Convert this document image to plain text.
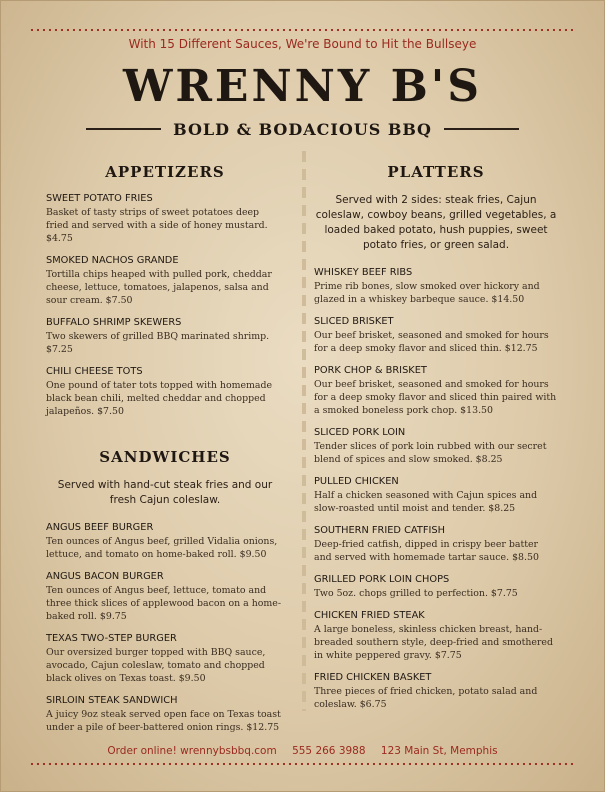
With 15 Different Sauces, We're Bound to Hit the Bullseye
WRENNY B'S
BOLD & BODACIOUS BBQ
APPETIZERS
SWEET POTATO FRIES
Basket of tasty strips of sweet potatoes deep fried and served with a side of honey mustard. $4.75
SMOKED NACHOS GRANDE
Tortilla chips heaped with pulled pork, cheddar cheese, lettuce, tomatoes, jalapenos, salsa and sour cream. $7.50
BUFFALO SHRIMP SKEWERS
Two skewers of grilled BBQ marinated shrimp. $7.25
CHILI CHEESE TOTS
One pound of tater tots topped with homemade black bean chili, melted cheddar and chopped jalapeños. $7.50
SANDWICHES
Served with hand-cut steak fries and our fresh Cajun coleslaw.
ANGUS BEEF BURGER
Ten ounces of Angus beef, grilled Vidalia onions, lettuce, and tomato on home-baked roll. $9.50
ANGUS BACON BURGER
Ten ounces of Angus beef, lettuce, tomato and three thick slices of applewood bacon on a home-baked roll. $9.75
TEXAS TWO-STEP BURGER
Our oversized burger topped with BBQ sauce, avocado, Cajun coleslaw, tomato and chopped black olives on Texas toast. $9.50
SIRLOIN STEAK SANDWICH
A juicy 9oz steak served open face on Texas toast under a pile of beer-battered onion rings. $12.75
PLATTERS
Served with 2 sides: steak fries, Cajun coleslaw, cowboy beans, grilled vegetables, a loaded baked potato, hush puppies, sweet potato fries, or green salad.
WHISKEY BEEF RIBS
Prime rib bones, slow smoked over hickory and glazed in a whiskey barbeque sauce. $14.50
SLICED BRISKET
Our beef brisket, seasoned and smoked for hours for a deep smoky flavor and sliced thin. $12.75
PORK CHOP & BRISKET
Our beef brisket, seasoned and smoked for hours for a deep smoky flavor and sliced thin paired with a smoked boneless pork chop. $13.50
SLICED PORK LOIN
Tender slices of pork loin rubbed with our secret blend of spices and slow smoked. $8.25
PULLED CHICKEN
Half a chicken seasoned with Cajun spices and slow-roasted until moist and tender. $8.25
SOUTHERN FRIED CATFISH
Deep-fried catfish, dipped in crispy beer batter and served with homemade tartar sauce. $8.50
GRILLED PORK LOIN CHOPS
Two 5oz. chops grilled to perfection. $7.75
CHICKEN FRIED STEAK
A large boneless, skinless chicken breast, hand-breaded southern style, deep-fried and smothered in white peppered gravy. $7.75
FRIED CHICKEN BASKET
Three pieces of fried chicken, potato salad and coleslaw. $6.75
Order online! wrennybsbbq.com 555 266 3988 123 Main St, Memphis
